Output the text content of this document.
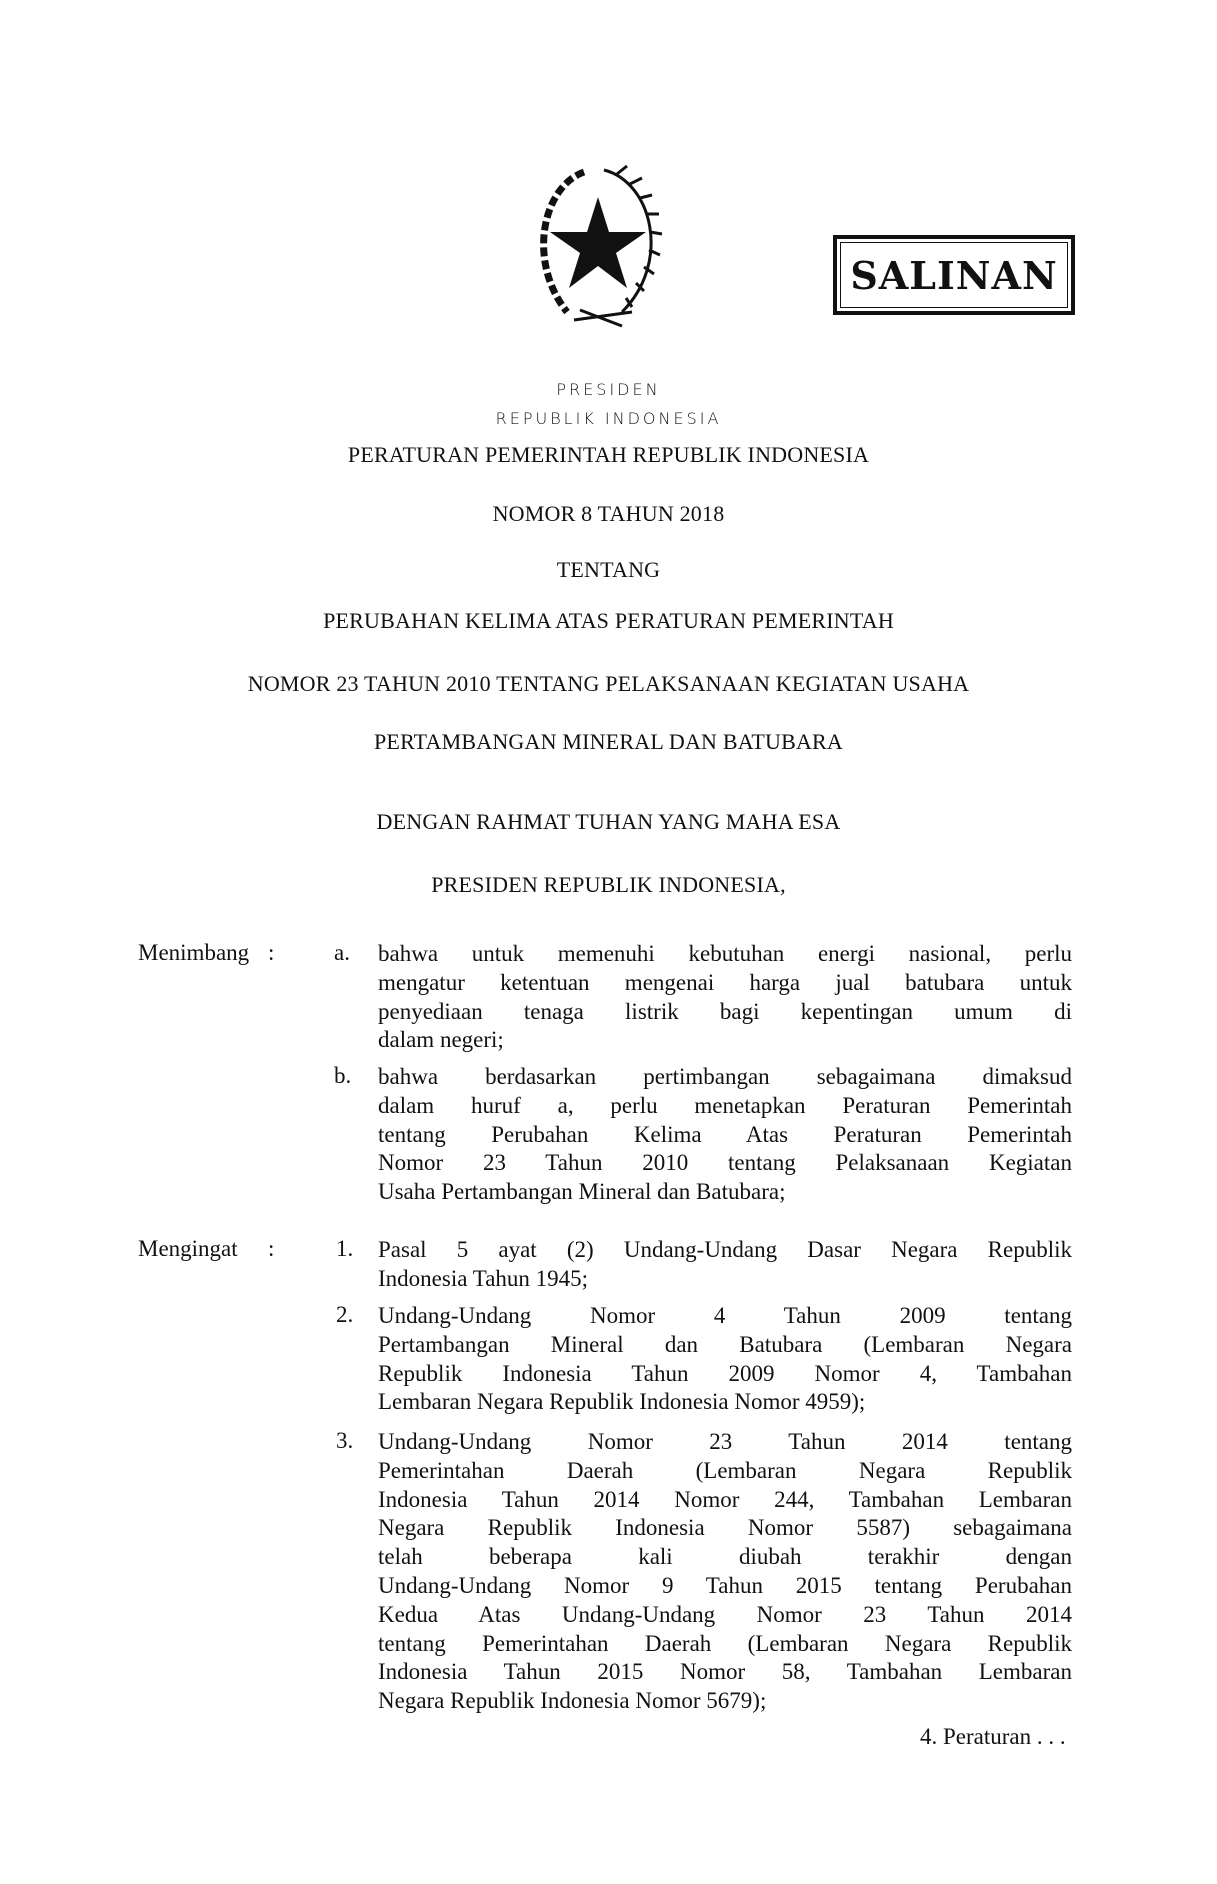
SALINAN
PRESIDEN
REPUBLIK INDONESIA
PERATURAN PEMERINTAH REPUBLIK INDONESIA
NOMOR 8 TAHUN 2018
TENTANG
PERUBAHAN KELIMA ATAS PERATURAN PEMERINTAH
NOMOR 23 TAHUN 2010 TENTANG PELAKSANAAN KEGIATAN USAHA
PERTAMBANGAN MINERAL DAN BATUBARA
DENGAN RAHMAT TUHAN YANG MAHA ESA
PRESIDEN REPUBLIK INDONESIA,
Menimbang :	a. bahwa untuk memenuhi kebutuhan energi nasional, perlu
mengatur ketentuan mengenai harga jual batubara untuk
penyediaan tenaga listrik bagi kepentingan umum di
dalam negeri;
b. bahwa berdasarkan pertimbangan sebagaimana dimaksud
dalam huruf a, perlu menetapkan Peraturan Pemerintah
tentang Perubahan Kelima Atas Peraturan Pemerintah
Nomor 23 Tahun 2010 tentang Pelaksanaan Kegiatan
Usaha Pertambangan Mineral dan Batubara;
Mengingat :	1. Pasal 5 ayat (2) Undang-Undang Dasar Negara Republik
Indonesia Tahun 1945;
2. Undang-Undang Nomor 4 Tahun 2009 tentang
Pertambangan Mineral dan Batubara (Lembaran Negara
Republik Indonesia Tahun 2009 Nomor 4, Tambahan
Lembaran Negara Republik Indonesia Nomor 4959);
3. Undang-Undang Nomor 23 Tahun 2014 tentang
Pemerintahan Daerah (Lembaran Negara Republik
Indonesia Tahun 2014 Nomor 244, Tambahan Lembaran
Negara Republik Indonesia Nomor 5587) sebagaimana
telah beberapa kali diubah terakhir dengan
Undang-Undang Nomor 9 Tahun 2015 tentang Perubahan
Kedua Atas Undang-Undang Nomor 23 Tahun 2014
tentang Pemerintahan Daerah (Lembaran Negara Republik
Indonesia Tahun 2015 Nomor 58, Tambahan Lembaran
Negara Republik Indonesia Nomor 5679);
4. Peraturan . . .
